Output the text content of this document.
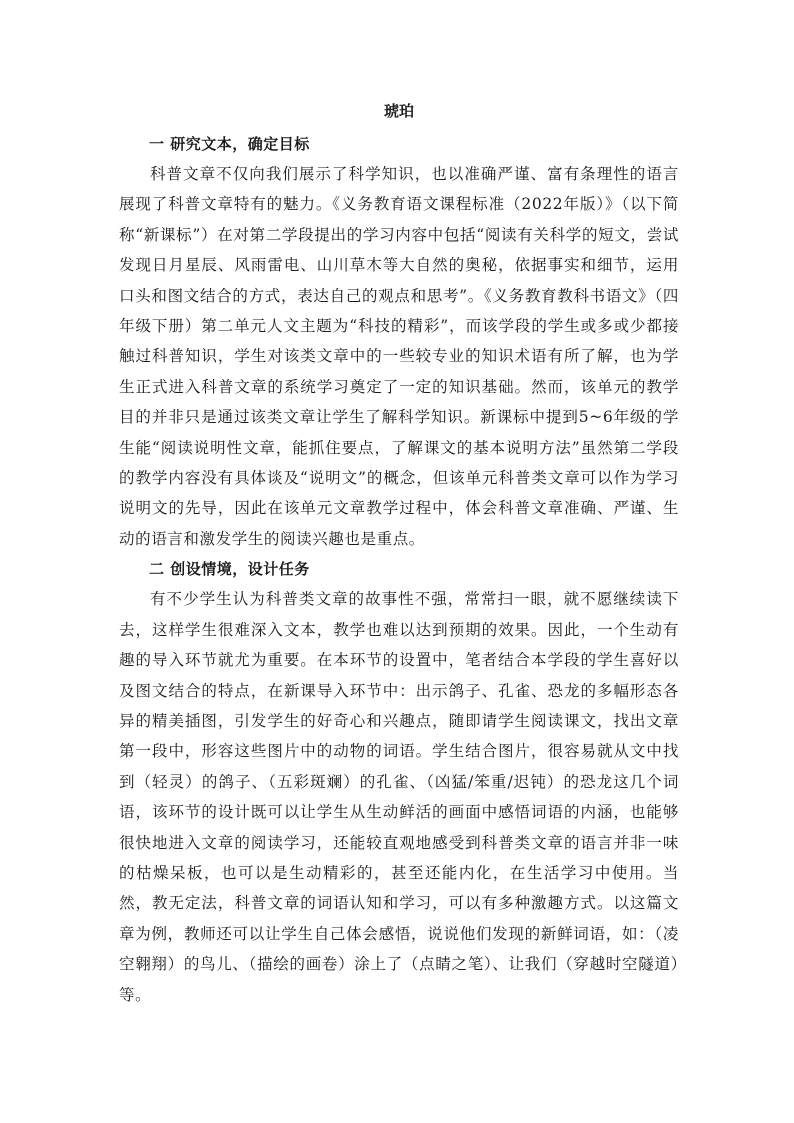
琥珀
一 研究文本，确定目标

科普文章不仅向我们展示了科学知识，也以准确严谨、富有条理性的语言展现了科普文章特有的魅力。《义务教育语文课程标准（2022年版）》（以下简称“新课标”）在对第二学段提出的学习内容中包括“阅读有关科学的短文，尝试发现日月星辰、风雨雷电、山川草木等大自然的奥秘，依据事实和细节，运用口头和图文结合的方式，表达自己的观点和思考”。《义务教育教科书语文》（四年级下册）第二单元人文主题为“科技的精彩”，而该学段的学生或多或少都接触过科普知识，学生对该类文章中的一些较专业的知识术语有所了解，也为学生正式进入科普文章的系统学习奠定了一定的知识基础。然而，该单元的教学目的并非只是通过该类文章让学生了解科学知识。新课标中提到5~6年级的学生能“阅读说明性文章，能抓住要点，了解课文的基本说明方法”虽然第二学段的教学内容没有具体谈及“说明文”的概念，但该单元科普类文章可以作为学习说明文的先导，因此在该单元文章教学过程中，体会科普文章准确、严谨、生动的语言和激发学生的阅读兴趣也是重点。

二 创设情境，设计任务

有不少学生认为科普类文章的故事性不强，常常扫一眼，就不愿继续读下去，这样学生很难深入文本，教学也难以达到预期的效果。因此，一个生动有趣的导入环节就尤为重要。在本环节的设置中，笔者结合本学段的学生喜好以及图文结合的特点，在新课导入环节中：出示鸽子、孔雀、恐龙的多幅形态各异的精美插图，引发学生的好奇心和兴趣点，随即请学生阅读课文，找出文章第一段中，形容这些图片中的动物的词语。学生结合图片，很容易就从文中找到（轻灵）的鸽子、（五彩斑斓）的孔雀、（凶猛/笨重/迟钝）的恐龙这几个词语，该环节的设计既可以让学生从生动鲜活的画面中感悟词语的内涵，也能够很快地进入文章的阅读学习，还能较直观地感受到科普类文章的语言并非一味的枯燥呆板，也可以是生动精彩的，甚至还能内化，在生活学习中使用。当然，教无定法，科普文章的词语认知和学习，可以有多种激趣方式。以这篇文章为例，教师还可以让学生自己体会感悟，说说他们发现的新鲜词语，如：（凌空翱翔）的鸟儿、（描绘的画卷）涂上了（点睛之笔）、让我们（穿越时空隧道）等。
